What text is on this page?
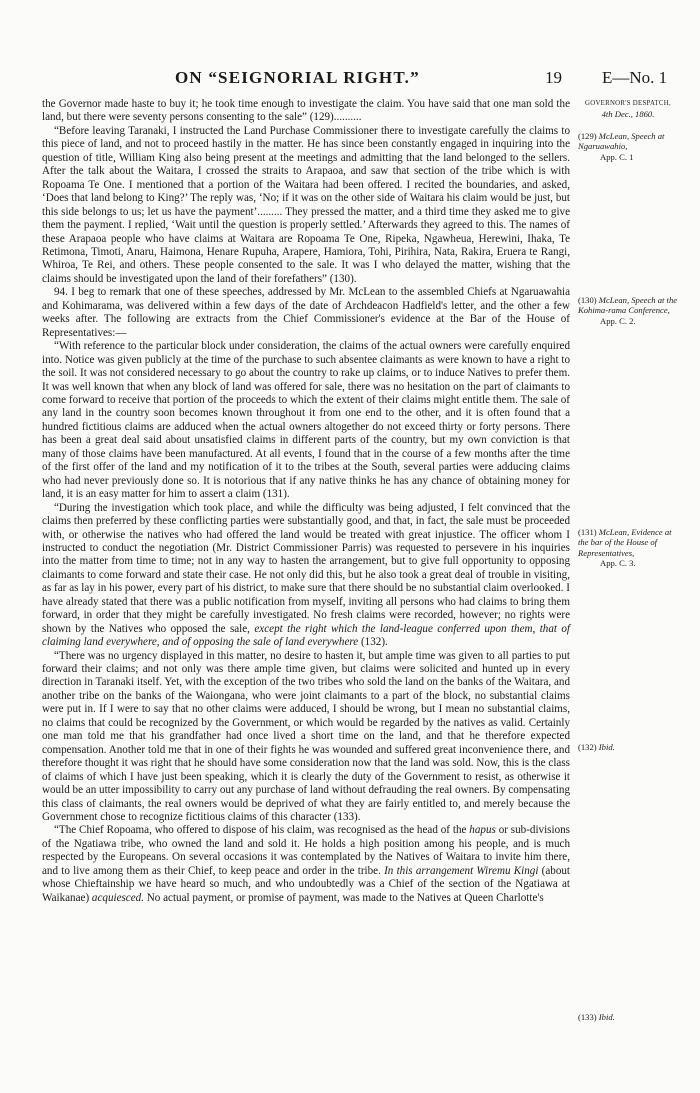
ON “SEIGNORIAL RIGHT.”	19 E—No. 1

the Governor made haste to buy it; he took time enough to investigate the claim. You have said that one man sold the land, but there were seventy persons consenting to the sale” (129)..........

“Before leaving Taranaki, I instructed the Land Purchase Commissioner there to investigate carefully the claims to this piece of land, and not to proceed hastily in the matter. He has since been constantly engaged in inquiring into the question of title, William King also being present at the meetings and admitting that the land belonged to the sellers. After the talk about the Waitara, I crossed the straits to Arapaoa, and saw that section of the tribe which is with Ropoama Te One. I mentioned that a portion of the Waitara had been offered. I recited the boundaries, and asked, ‘Does that land belong to King?’ The reply was, ‘No; if it was on the other side of Waitara his claim would be just, but this side belongs to us; let us have the payment’......... They pressed the matter, and a third time they asked me to give them the payment. I replied, ‘Wait until the question is properly settled.’ Afterwards they agreed to this. The names of these Arapaoa people who have claims at Waitara are Ropoama Te One, Ripeka, Ngawheua, Herewini, Ihaka, Te Retimona, Timoti, Anaru, Haimona, Henare Rupuha, Arapere, Hamiora, Tohi, Pirihira, Nata, Rakira, Eruera te Rangi, Whiroa, Te Rei, and others. These people consented to the sale. It was I who delayed the matter, wishing that the claims should be investigated upon the land of their forefathers” (130).

94. I beg to remark that one of these speeches, addressed by Mr. McLean to the assembled Chiefs at Ngaruawahia and Kohimarama, was delivered within a few days of the date of Archdeacon Hadfield's letter, and the other a few weeks after. The following are extracts from the Chief Commissioner's evidence at the Bar of the House of Representatives:—

“With reference to the particular block under consideration, the claims of the actual owners were carefully enquired into. Notice was given publicly at the time of the purchase to such absentee claimants as were known to have a right to the soil. It was not considered necessary to go about the country to rake up claims, or to induce Natives to prefer them. It was well known that when any block of land was offered for sale, there was no hesitation on the part of claimants to come forward to receive that portion of the proceeds to which the extent of their claims might entitle them. The sale of any land in the country soon becomes known throughout it from one end to the other, and it is often found that a hundred fictitious claims are adduced when the actual owners altogether do not exceed thirty or forty persons. There has been a great deal said about unsatisfied claims in different parts of the country, but my own conviction is that many of those claims have been manufactured. At all events, I found that in the course of a few months after the time of the first offer of the land and my notification of it to the tribes at the South, several parties were adducing claims who had never previously done so. It is notorious that if any native thinks he has any chance of obtaining money for land, it is an easy matter for him to assert a claim (131).

“During the investigation which took place, and while the difficulty was being adjusted, I felt convinced that the claims then preferred by these conflicting parties were substantially good, and that, in fact, the sale must be proceeded with, or otherwise the natives who had offered the land would be treated with great injustice. The officer whom I instructed to conduct the negotiation (Mr. District Commissioner Parris) was requested to persevere in his inquiries into the matter from time to time; not in any way to hasten the arrangement, but to give full opportunity to opposing claimants to come forward and state their case. He not only did this, but he also took a great deal of trouble in visiting, as far as lay in his power, every part of his district, to make sure that there should be no substantial claim overlooked. I have already stated that there was a public notification from myself, inviting all persons who had claims to bring them forward, in order that they might be carefully investigated. No fresh claims were recorded, however; no rights were shown by the Natives who opposed the sale, except the right which the land-league conferred upon them, that of claiming land everywhere, and of opposing the sale of land everywhere (132).

“There was no urgency displayed in this matter, no desire to hasten it, but ample time was given to all parties to put forward their claims; and not only was there ample time given, but claims were solicited and hunted up in every direction in Taranaki itself. Yet, with the exception of the two tribes who sold the land on the banks of the Waitara, and another tribe on the banks of the Waiongana, who were joint claimants to a part of the block, no substantial claims were put in. If I were to say that no other claims were adduced, I should be wrong, but I mean no substantial claims, no claims that could be recognized by the Government, or which would be regarded by the natives as valid. Certainly one man told me that his grandfather had once lived a short time on the land, and that he therefore expected compensation. Another told me that in one of their fights he was wounded and suffered great inconvenience there, and therefore thought it was right that he should have some consideration now that the land was sold. Now, this is the class of claims of which I have just been speaking, which it is clearly the duty of the Government to resist, as otherwise it would be an utter impossibility to carry out any purchase of land without defrauding the real owners. By compensating this class of claimants, the real owners would be deprived of what they are fairly entitled to, and merely because the Government chose to recognize fictitious claims of this character (133).

“The Chief Ropoama, who offered to dispose of his claim, was recognised as the head of the hapus or sub-divisions of the Ngatiawa tribe, who owned the land and sold it. He holds a high position among his people, and is much respected by the Europeans. On several occasions it was contemplated by the Natives of Waitara to invite him there, and to live among them as their Chief, to keep peace and order in the tribe. In this arrangement Wiremu Kingi (about whose Chieftainship we have heard so much, and who undoubtedly was a Chief of the section of the Ngatiawa at Waikanae) acquiesced. No actual payment, or promise of payment, was made to the Natives at Queen Charlotte's

GOVERNOR'S DESPATCH,
4th Dec., 1860.
(129) McLean, Speech at Ngaruawahio,
App. C. 1
(130) McLean, Speech at the Kohima-rama Conference,
App. C. 2.
(131) McLean, Evidence at the bar of the House of Representatives,
App. C. 3.
(132) Ibid.
(133) Ibid.
